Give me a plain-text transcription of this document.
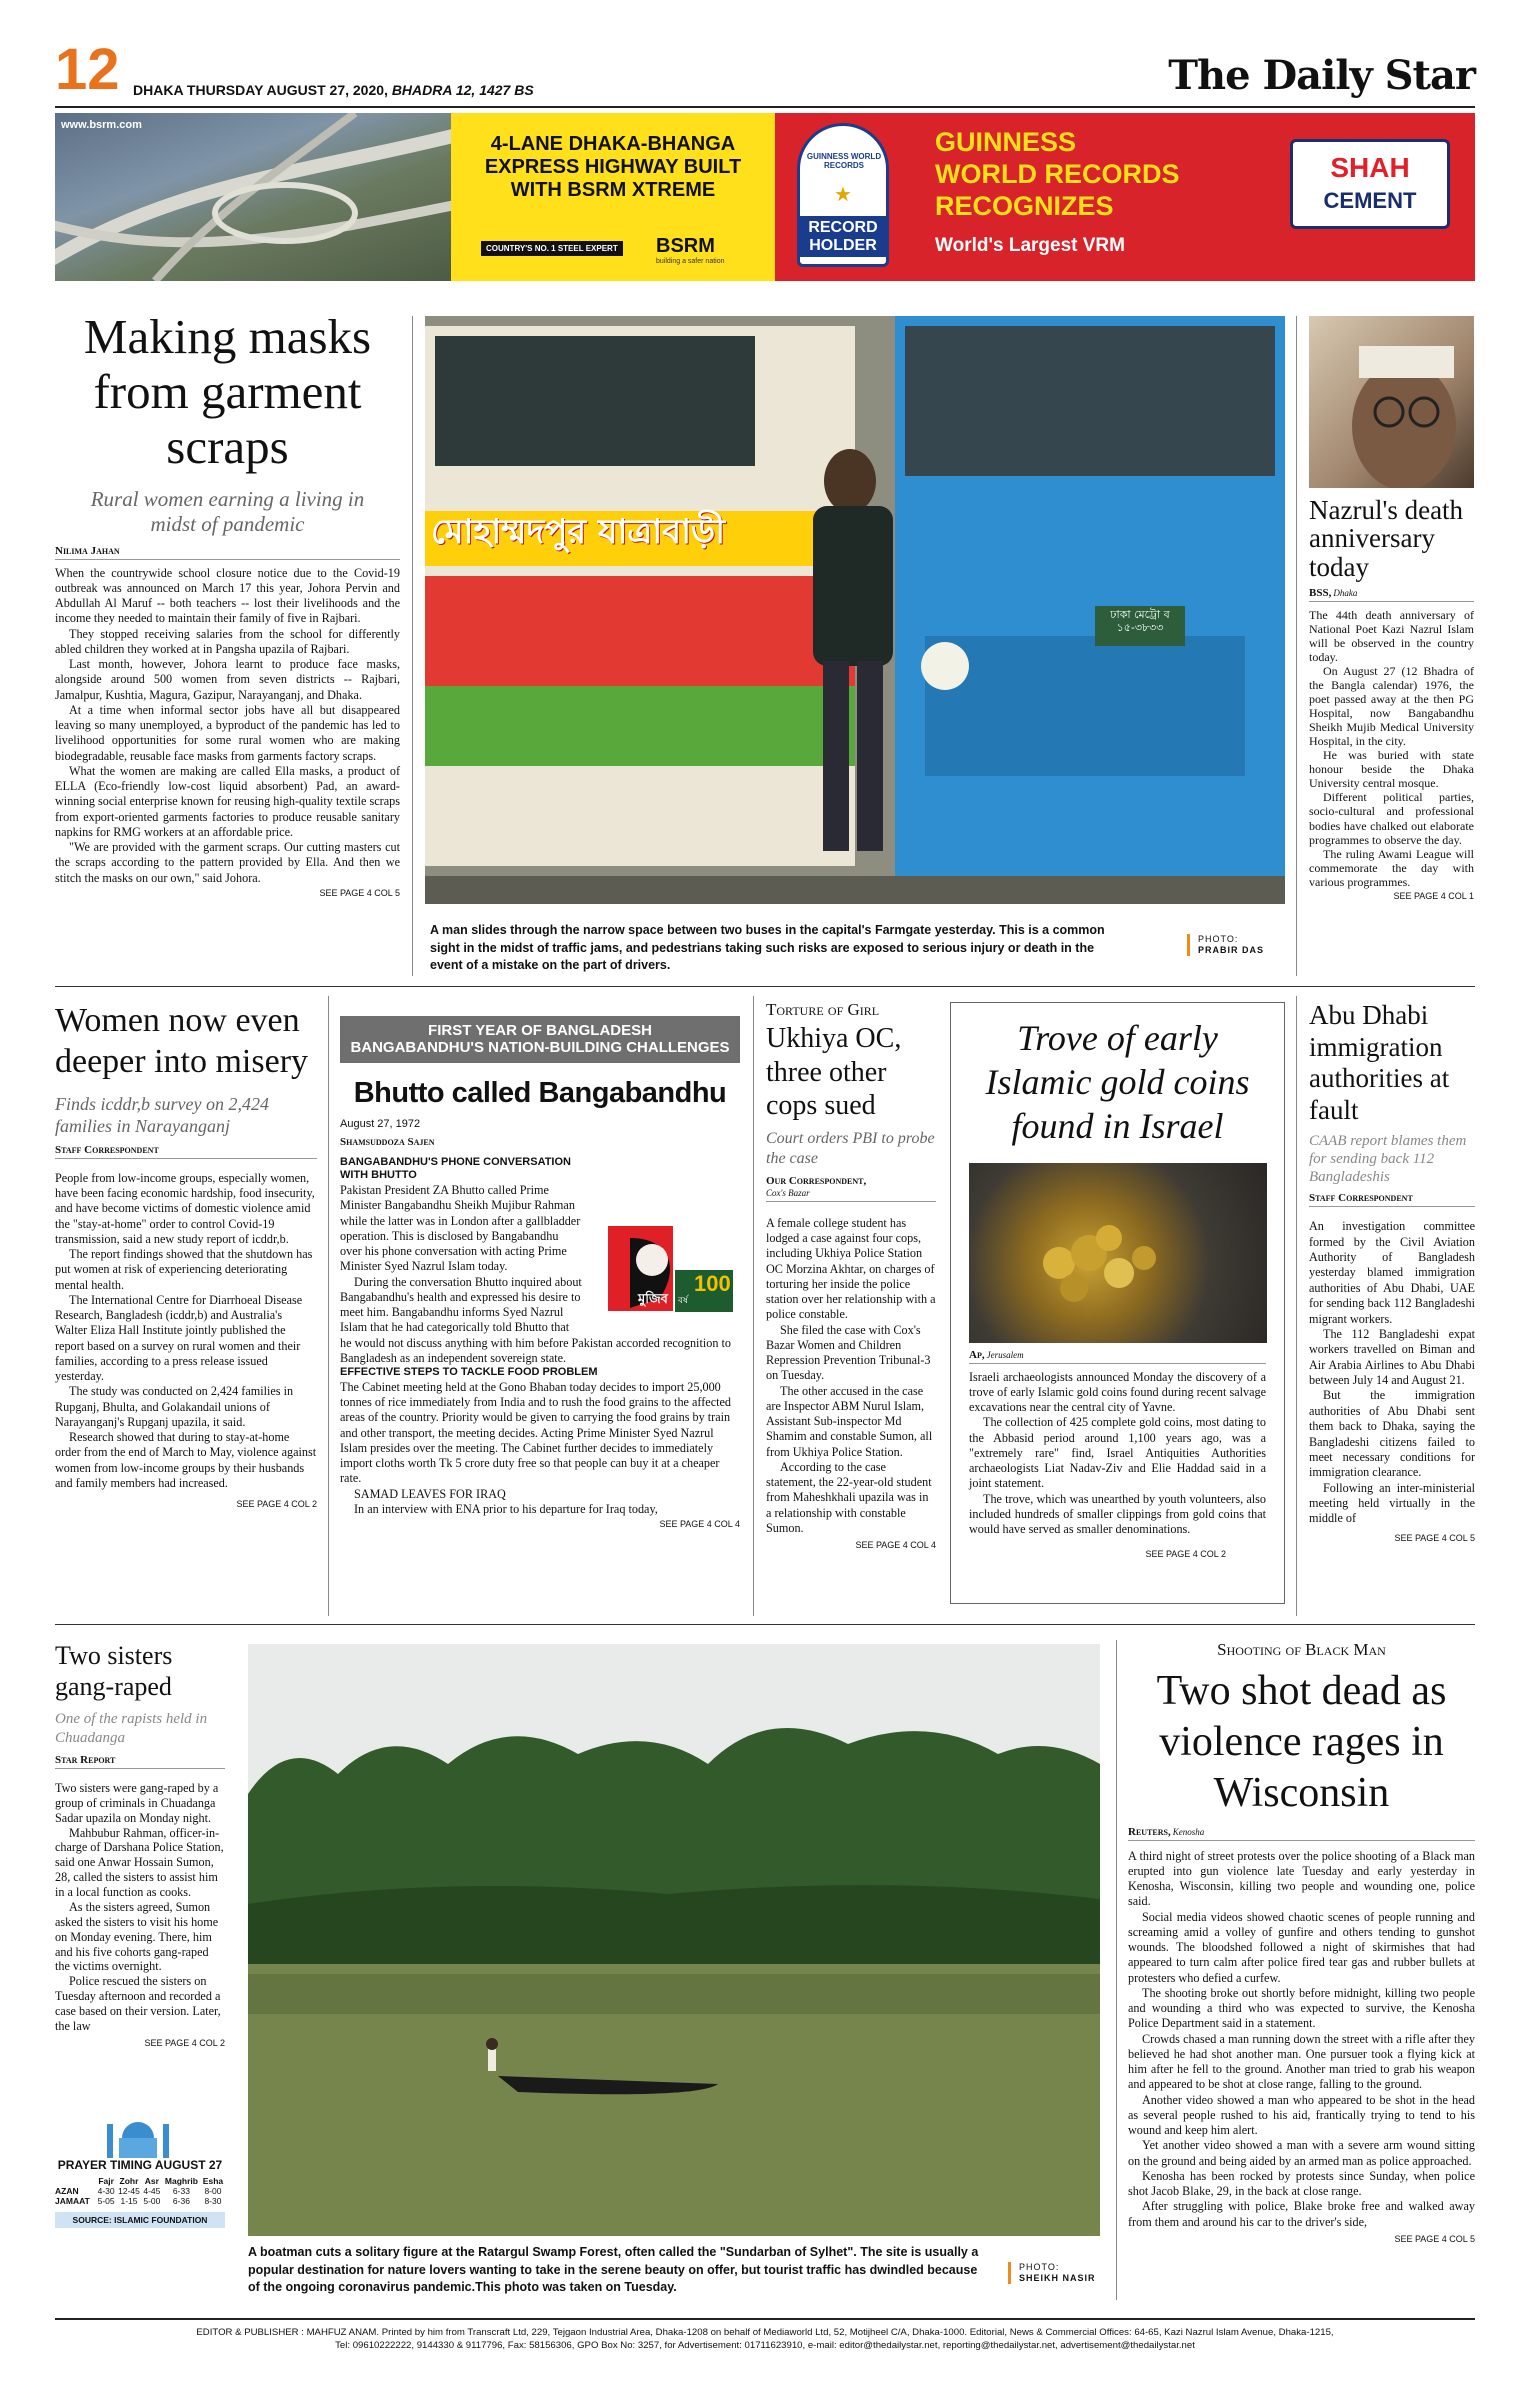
12 DHAKA THURSDAY AUGUST 27, 2020, BHADRA 12, 1427 BS	The Daily Star
www.bsrm.com
4-LANE DHAKA-BHANGA EXPRESS HIGHWAY BUILT WITH BSRM XTREME
COUNTRY'S NO. 1 STEEL EXPERT BSRM
building a safer nation
GUINNESS WORLD RECORDS
★
RECORD HOLDER
GUINNESS
WORLD RECORDS
RECOGNIZES
World's Largest VRM
SHAH
CEMENT
Making masks from garment scraps
Rural women earning a living in midst of pandemic
Nilima Jahan

When the countrywide school closure notice due to the Covid-19 outbreak was announced on March 17 this year, Johora Pervin and Abdullah Al Maruf -- both teachers -- lost their livelihoods and the income they needed to maintain their family of five in Rajbari.

They stopped receiving salaries from the school for differently abled children they worked at in Pangsha upazila of Rajbari.

Last month, however, Johora learnt to produce face masks, alongside around 500 women from seven districts -- Rajbari, Jamalpur, Kushtia, Magura, Gazipur, Narayanganj, and Dhaka.

At a time when informal sector jobs have all but disappeared leaving so many unemployed, a byproduct of the pandemic has led to livelihood opportunities for some rural women who are making biodegradable, reusable face masks from garments factory scraps.

What the women are making are called Ella masks, a product of ELLA (Eco-friendly low-cost liquid absorbent) Pad, an award-winning social enterprise known for reusing high-quality textile scraps from export-oriented garments factories to produce reusable sanitary napkins for RMG workers at an affordable price.

"We are provided with the garment scraps. Our cutting masters cut the scraps according to the pattern provided by Ella. And then we stitch the masks on our own," said Johora.

SEE PAGE 4 COL 5
মোহাম্মদপুর যাত্রাবাড়ী
ঢাকা মেট্রো ব ১৫-৩৮৩৩
A man slides through the narrow space between two buses in the capital's Farmgate yesterday. This is a common sight in the midst of traffic jams, and pedestrians taking such risks are exposed to serious injury or death in the event of a mistake on the part of drivers.
PHOTO:
PRABIR DAS
Nazrul's death anniversary today
BSS, Dhaka

The 44th death anniversary of National Poet Kazi Nazrul Islam will be observed in the country today.

On August 27 (12 Bhadra of the Bangla calendar) 1976, the poet passed away at the then PG Hospital, now Bangabandhu Sheikh Mujib Medical University Hospital, in the city.

He was buried with state honour beside the Dhaka University central mosque.

Different political parties, socio-cultural and professional bodies have chalked out elaborate programmes to observe the day.

The ruling Awami League will commemorate the day with various programmes.

SEE PAGE 4 COL 1
Women now even deeper into misery
Finds icddr,b survey on 2,424 families in Narayanganj
Staff Correspondent

People from low-income groups, especially women, have been facing economic hardship, food insecurity, and have become victims of domestic violence amid the "stay-at-home" order to control Covid-19 transmission, said a new study report of icddr,b.

The report findings showed that the shutdown has put women at risk of experiencing deteriorating mental health.

The International Centre for Diarrhoeal Disease Research, Bangladesh (icddr,b) and Australia's Walter Eliza Hall Institute jointly published the report based on a survey on rural women and their families, according to a press release issued yesterday.

The study was conducted on 2,424 families in Rupganj, Bhulta, and Golakandail unions of Narayanganj's Rupganj upazila, it said.

Research showed that during to stay-at-home order from the end of March to May, violence against women from low-income groups by their husbands and family members had increased.

SEE PAGE 4 COL 2
FIRST YEAR OF BANGLADESH
BANGABANDHU'S NATION-BUILDING CHALLENGES
Bhutto called Bangabandhu
August 27, 1972
Shamsuddoza Sajen
মুজিব বর্ষ
100
BANGABANDHU'S PHONE CONVERSATION WITH BHUTTO

Pakistan President ZA Bhutto called Prime Minister Bangabandhu Sheikh Mujibur Rahman while the latter was in London after a gallbladder operation. This is disclosed by Bangabandhu over his phone conversation with acting Prime Minister Syed Nazrul Islam today.

During the conversation Bhutto inquired about Bangabandhu's health and expressed his desire to meet him. Bangabandhu informs Syed Nazrul Islam that he had categorically told Bhutto that he would not discuss anything with him before Pakistan accorded recognition to Bangladesh as an independent sovereign state.

EFFECTIVE STEPS TO TACKLE FOOD PROBLEM

The Cabinet meeting held at the Gono Bhaban today decides to import 25,000 tonnes of rice immediately from India and to rush the food grains to the affected areas of the country. Priority would be given to carrying the food grains by train and other transport, the meeting decides. Acting Prime Minister Syed Nazrul Islam presides over the meeting. The Cabinet further decides to immediately import cloths worth Tk 5 crore duty free so that people can buy it at a cheaper rate.

SAMAD LEAVES FOR IRAQ

In an interview with ENA prior to his departure for Iraq today,

SEE PAGE 4 COL 4
Torture of Girl
Ukhiya OC, three other cops sued
Court orders PBI to probe the case
Our Correspondent,
Cox's Bazar

A female college student has lodged a case against four cops, including Ukhiya Police Station OC Morzina Akhtar, on charges of torturing her inside the police station over her relationship with a police constable.

She filed the case with Cox's Bazar Women and Children Repression Prevention Tribunal-3 on Tuesday.

The other accused in the case are Inspector ABM Nurul Islam, Assistant Sub-inspector Md Shamim and constable Sumon, all from Ukhiya Police Station.

According to the case statement, the 22-year-old student from Maheshkhali upazila was in a relationship with constable Sumon.

SEE PAGE 4 COL 4
Trove of early Islamic gold coins found in Israel
Ap, Jerusalem

Israeli archaeologists announced Monday the discovery of a trove of early Islamic gold coins found during recent salvage excavations near the central city of Yavne.

The collection of 425 complete gold coins, most dating to the Abbasid period around 1,100 years ago, was a "extremely rare" find, Israel Antiquities Authorities archaeologists Liat Nadav-Ziv and Elie Haddad said in a joint statement.

The trove, which was unearthed by youth volunteers, also included hundreds of smaller clippings from gold coins that would have served as smaller denominations.

SEE PAGE 4 COL 2
Abu Dhabi immigration authorities at fault
CAAB report blames them for sending back 112 Bangladeshis
Staff Correspondent

An investigation committee formed by the Civil Aviation Authority of Bangladesh yesterday blamed immigration authorities of Abu Dhabi, UAE for sending back 112 Bangladeshi migrant workers.

The 112 Bangladeshi expat workers travelled on Biman and Air Arabia Airlines to Abu Dhabi between July 14 and August 21.

But the immigration authorities of Abu Dhabi sent them back to Dhaka, saying the Bangladeshi citizens failed to meet necessary conditions for immigration clearance.

Following an inter-ministerial meeting held virtually in the middle of

SEE PAGE 4 COL 5
Two sisters gang-raped
One of the rapists held in Chuadanga
Star Report

Two sisters were gang-raped by a group of criminals in Chuadanga Sadar upazila on Monday night.

Mahbubur Rahman, officer-in-charge of Darshana Police Station, said one Anwar Hossain Sumon, 28, called the sisters to assist him in a local function as cooks.

As the sisters agreed, Sumon asked the sisters to visit his home on Monday evening. There, him and his five cohorts gang-raped the victims overnight.

Police rescued the sisters on Tuesday afternoon and recorded a case based on their version. Later, the law

SEE PAGE 4 COL 2
PRAYER TIMING AUGUST 27
	Fajr	Zohr	Asr	Maghrib	Esha
AZAN	4-30	12-45	4-45	6-33	8-00
JAMAAT	5-05	1-15	5-00	6-36	8-30
SOURCE: ISLAMIC FOUNDATION
A boatman cuts a solitary figure at the Ratargul Swamp Forest, often called the "Sundarban of Sylhet". The site is usually a popular destination for nature lovers wanting to take in the serene beauty on offer, but tourist traffic has dwindled because of the ongoing coronavirus pandemic.This photo was taken on Tuesday.
PHOTO:
SHEIKH NASIR
Shooting of Black Man
Two shot dead as violence rages in Wisconsin
Reuters, Kenosha

A third night of street protests over the police shooting of a Black man erupted into gun violence late Tuesday and early yesterday in Kenosha, Wisconsin, killing two people and wounding one, police said.

Social media videos showed chaotic scenes of people running and screaming amid a volley of gunfire and others tending to gunshot wounds. The bloodshed followed a night of skirmishes that had appeared to turn calm after police fired tear gas and rubber bullets at protesters who defied a curfew.

The shooting broke out shortly before midnight, killing two people and wounding a third who was expected to survive, the Kenosha Police Department said in a statement.

Crowds chased a man running down the street with a rifle after they believed he had shot another man. One pursuer took a flying kick at him after he fell to the ground. Another man tried to grab his weapon and appeared to be shot at close range, falling to the ground.

Another video showed a man who appeared to be shot in the head as several people rushed to his aid, frantically trying to tend to his wound and keep him alert.

Yet another video showed a man with a severe arm wound sitting on the ground and being aided by an armed man as police approached.

Kenosha has been rocked by protests since Sunday, when police shot Jacob Blake, 29, in the back at close range.

After struggling with police, Blake broke free and walked away from them and around his car to the driver's side,

SEE PAGE 4 COL 5
EDITOR & PUBLISHER : MAHFUZ ANAM. Printed by him from Transcraft Ltd, 229, Tejgaon Industrial Area, Dhaka-1208 on behalf of Mediaworld Ltd, 52, Motijheel C/A, Dhaka-1000. Editorial, News & Commercial Offices: 64-65, Kazi Nazrul Islam Avenue, Dhaka-1215,
Tel: 09610222222, 9144330 & 9117796, Fax: 58156306, GPO Box No: 3257, for Advertisement: 01711623910, e-mail: editor@thedailystar.net, reporting@thedailystar.net, advertisement@thedailystar.net
